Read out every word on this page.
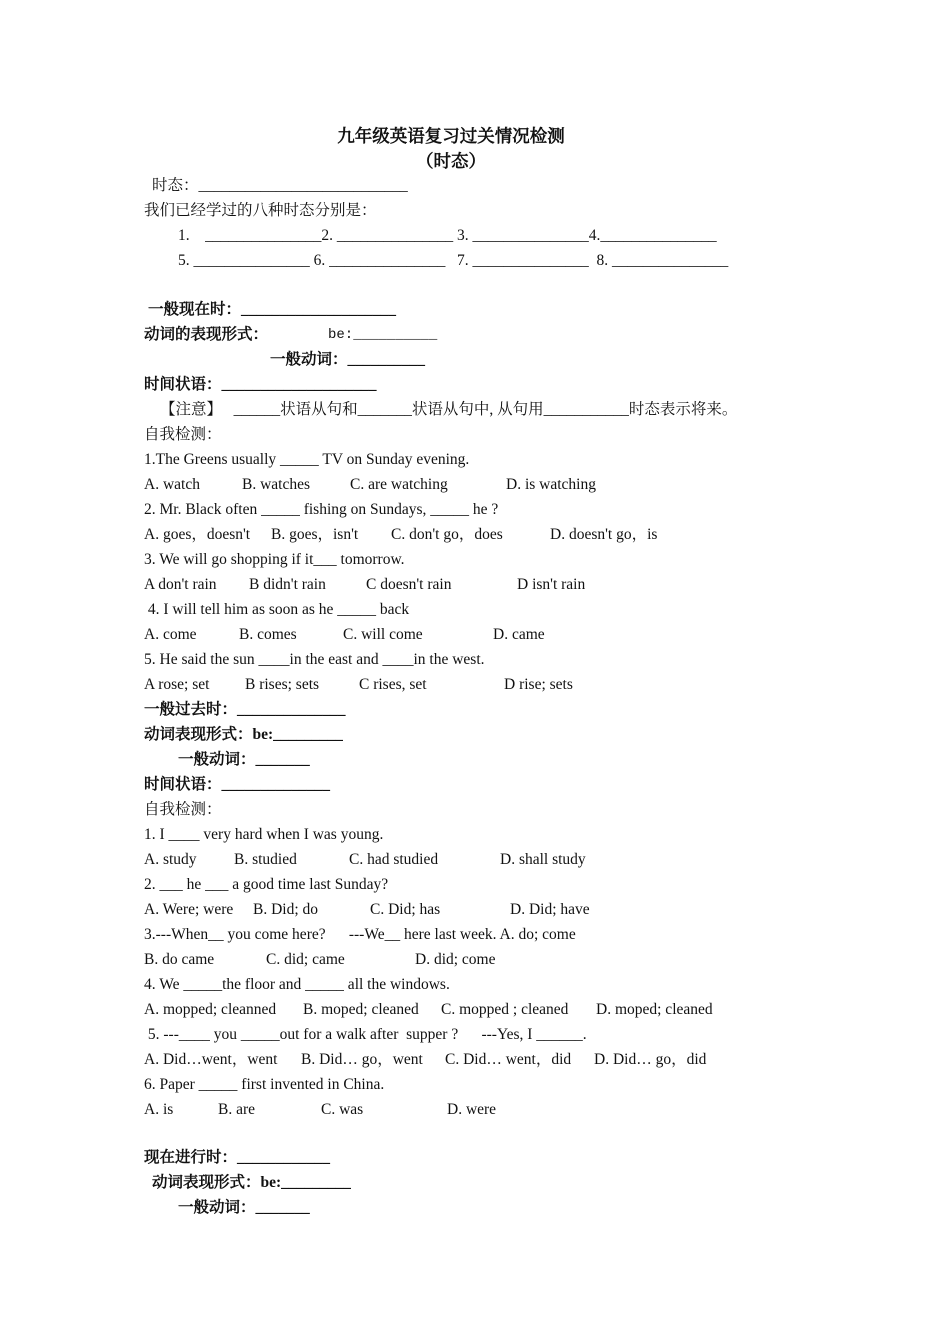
九年级英语复习过关情况检测
（时态）
时态：___________________________
我们已经学过的八种时态分别是：
1.    _______________2. _______________ 3. _______________4._______________
5. _______________ 6. _______________   7. _______________  8. _______________
一般现在时：____________________
动词的表现形式：	be:__________
一般动词：__________
时间状语：____________________
【注意】   ______状语从句和_______状语从句中, 从句用___________时态表示将来。
自我检测：
1.The Greens usually _____ TV on Sunday evening.
A. watch	B. watches	C. are watching	D. is watching
2. Mr. Black often _____ fishing on Sundays, _____ he ?
A. goes，doesn't B. goes，isn't C. don't go，does	D. doesn't go，is
3. We will go shopping if it___ tomorrow.
A don't rain B didn't rain	C doesn't rain	D isn't rain
4. I will tell him as soon as he _____ back
A. come	B. comes	C. will come	D. came
5. He said the sun ____in the east and ____in the west.
A rose; set B rises; sets	C rises, set	D rise; sets
一般过去时：______________
动词表现形式：be:_________
一般动词：_______
时间状语：______________
自我检测：
1. I ____ very hard when I was young.
A. study B. studied	C. had studied	D. shall study
2. ___ he ___ a good time last Sunday?
A. Were; were B. Did; do	C. Did; has	D. Did; have
3.---When__ you come here?      ---We__ here last week. A. do; come
B. do came	C. did; came	D. did; come
4. We _____the floor and _____ all the windows.
A. mopped; cleanned B. moped; cleaned C. mopped ; cleaned D. moped; cleaned
5. ---____ you _____out for a walk after  supper ?      ---Yes, I ______.
A. Did…went，went B. Did… go，went C. Did… went，did D. Did… go，did
6. Paper _____ first invented in China.
A. is	B. are	C. was	D. were
现在进行时：____________
动词表现形式：be:_________
一般动词：_______
